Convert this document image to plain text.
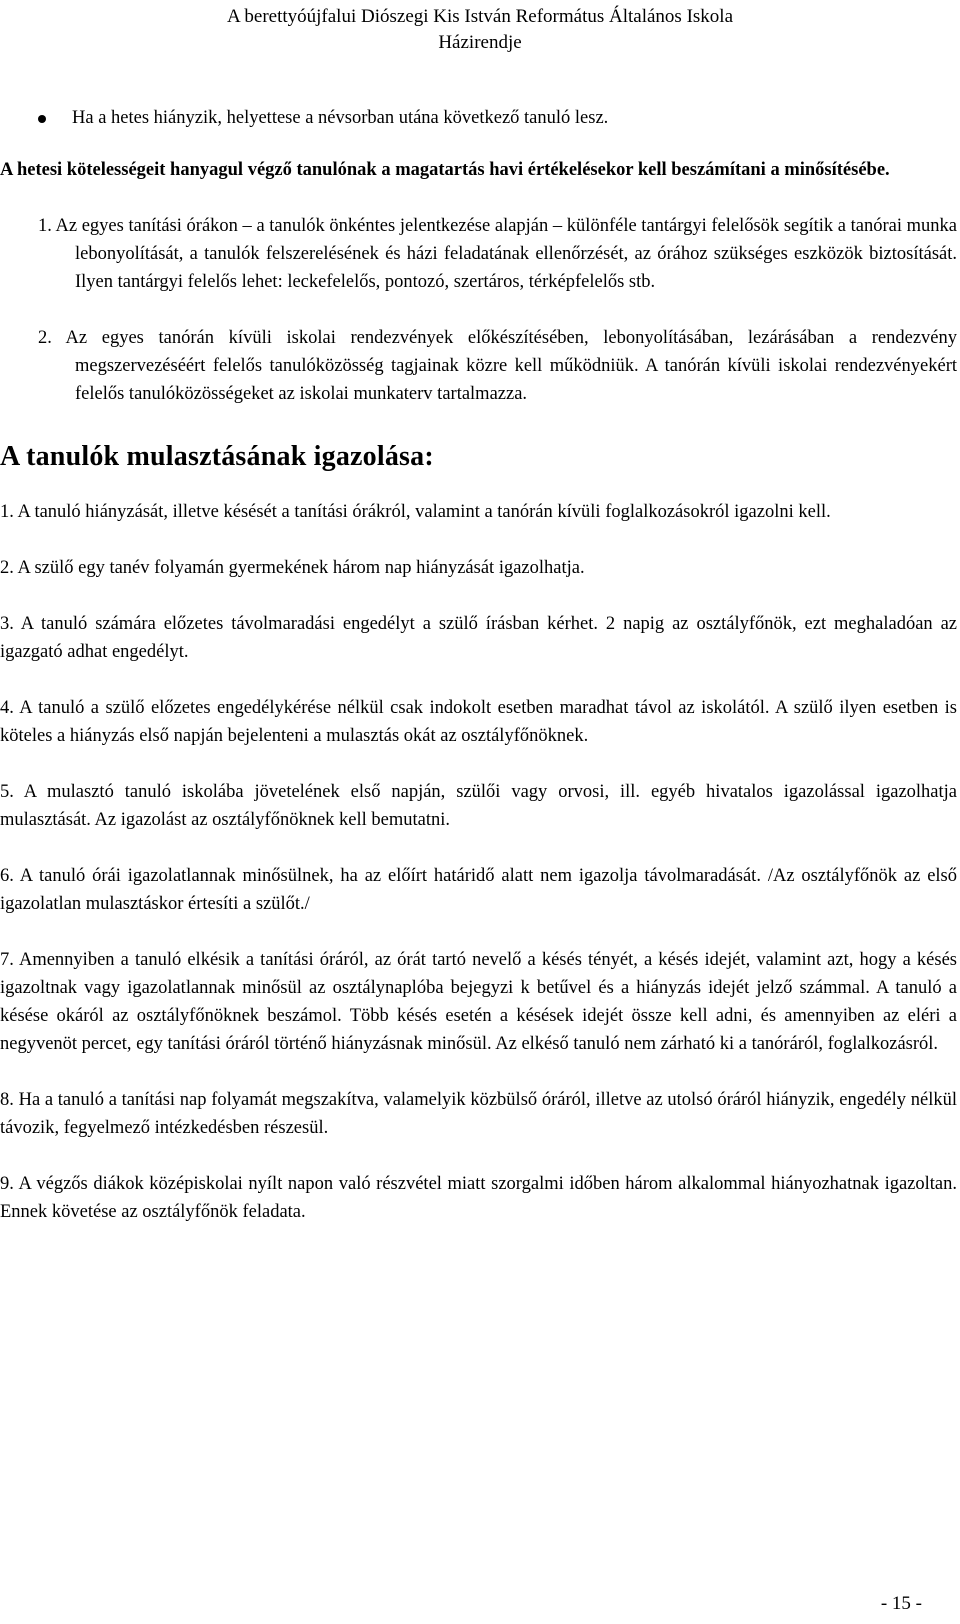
A berettyóújfalui Diószegi Kis István Református Általános Iskola
Házirendje

Ha a hetes hiányzik, helyettese a névsorban utána következő tanuló lesz.

A hetesi kötelességeit hanyagul végző tanulónak a magatartás havi értékelésekor kell beszámítani a minősítésébe.

1. Az egyes tanítási órákon – a tanulók önkéntes jelentkezése alapján – különféle tantárgyi felelősök segítik a tanórai munka lebonyolítását, a tanulók felszerelésének és házi feladatának ellenőrzését, az órához szükséges eszközök biztosítását. Ilyen tantárgyi felelős lehet: leckefelelős, pontozó, szertáros, térképfelelős stb.

2. Az egyes tanórán kívüli iskolai rendezvények előkészítésében, lebonyolításában, lezárásában a rendezvény megszervezéséért felelős tanulóközösség tagjainak közre kell működniük. A tanórán kívüli iskolai rendezvényekért felelős tanulóközösségeket az iskolai munkaterv tartalmazza.

A tanulók mulasztásának igazolása:

1. A tanuló hiányzását, illetve késését a tanítási órákról, valamint a tanórán kívüli foglalkozásokról igazolni kell.

2. A szülő egy tanév folyamán gyermekének három nap hiányzását igazolhatja.

3. A tanuló számára előzetes távolmaradási engedélyt a szülő írásban kérhet. 2 napig az osztályfőnök, ezt meghaladóan az igazgató adhat engedélyt.

4. A tanuló a szülő előzetes engedélykérése nélkül csak indokolt esetben maradhat távol az iskolától. A szülő ilyen esetben is köteles a hiányzás első napján bejelenteni a mulasztás okát az osztályfőnöknek.

5. A mulasztó tanuló iskolába jövetelének első napján, szülői vagy orvosi, ill. egyéb hivatalos igazolással igazolhatja mulasztását. Az igazolást az osztályfőnöknek kell bemutatni.

6. A tanuló órái igazolatlannak minősülnek, ha az előírt határidő alatt nem igazolja távolmaradását. /Az osztályfőnök az első igazolatlan mulasztáskor értesíti a szülőt./

7. Amennyiben a tanuló elkésik a tanítási óráról, az órát tartó nevelő a késés tényét, a késés idejét, valamint azt, hogy a késés igazoltnak vagy igazolatlannak minősül az osztálynaplóba bejegyzi k betűvel és a hiányzás idejét jelző számmal. A tanuló a késése okáról az osztályfőnöknek beszámol. Több késés esetén a késések idejét össze kell adni, és amennyiben az eléri a negyvenöt percet, egy tanítási óráról történő hiányzásnak minősül. Az elkéső tanuló nem zárható ki a tanóráról, foglalkozásról.

8. Ha a tanuló a tanítási nap folyamát megszakítva, valamelyik közbülső óráról, illetve az utolsó óráról hiányzik, engedély nélkül távozik, fegyelmező intézkedésben részesül.

9. A végzős diákok középiskolai nyílt napon való részvétel miatt szorgalmi időben három alkalommal hiányozhatnak igazoltan. Ennek követése az osztályfőnök feladata.

- 15 -
